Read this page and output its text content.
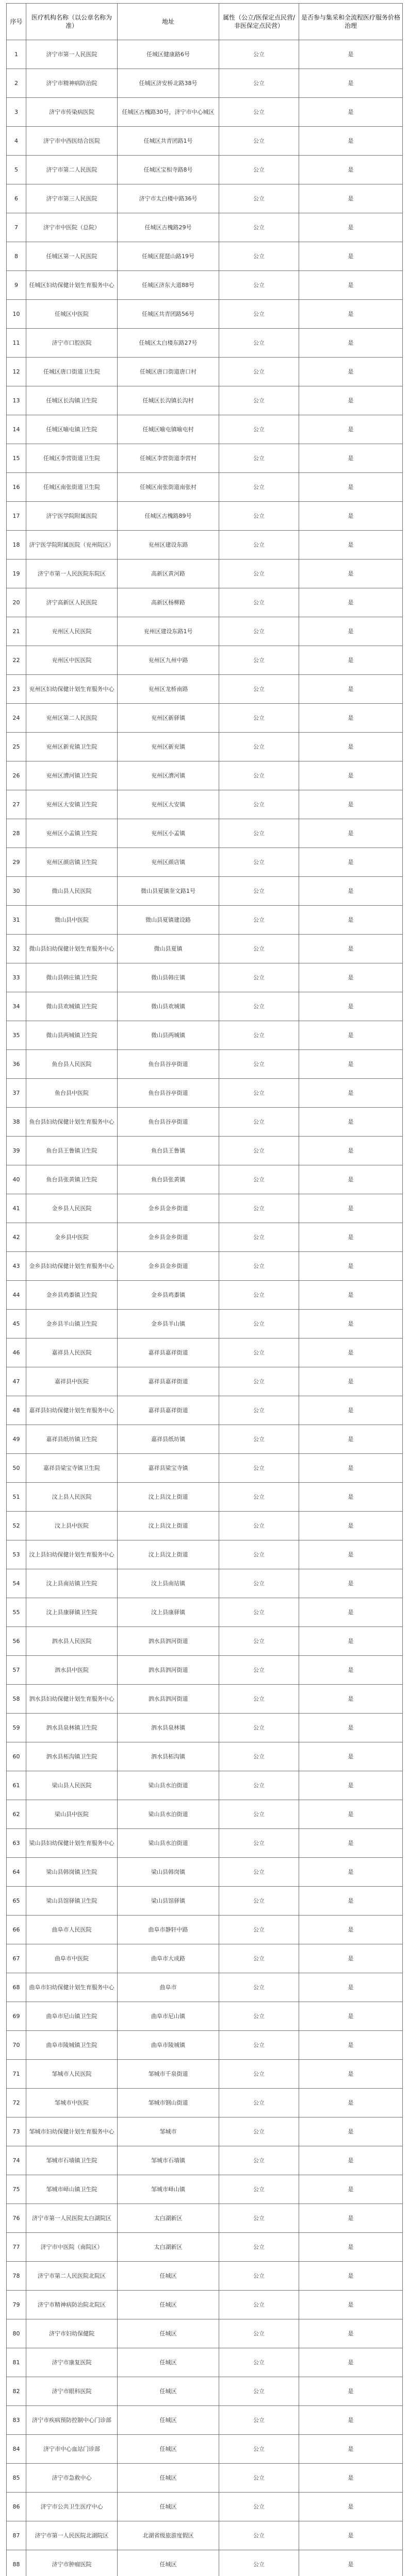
序号	医疗机构名称（以公章名称为准）	地址	属性（公立/医保定点民营/非医保定点民营）	是否参与集采和全流程医疗服务价格治理
1	济宁市第一人民医院	任城区健康路6号	公立	是
2	济宁市精神病防治院	任城区济安桥北路38号	公立	是
3	济宁市传染病医院	任城区古槐路30号，济宁市中心城区	公立	是
4	济宁市中西医结合医院	任城区共青团路1号	公立	是
5	济宁市第二人民医院	任城区宝相寺路8号	公立	是
6	济宁市第三人民医院	济宁市太白楼中路36号	公立	是
7	济宁市中医院（总院）	任城区古槐路29号	公立	是
8	任城区第一人民医院	任城区琵琶山路19号	公立	是
9	任城区妇幼保健计划生育服务中心	任城区济东大道88号	公立	是
10	任城区中医院	任城区共青团路56号	公立	是
11	济宁市口腔医院	任城区太白楼东路27号	公立	是
12	任城区唐口街道卫生院	任城区唐口街道唐口村	公立	是
13	任城区长沟镇卫生院	任城区长沟镇长沟村	公立	是
14	任城区喻屯镇卫生院	任城区喻屯镇喻屯村	公立	是
15	任城区李营街道卫生院	任城区李营街道李营村	公立	是
16	任城区南张街道卫生院	任城区南张街道南张村	公立	是
17	济宁医学院附属医院	任城区古槐路89号	公立	是
18	济宁医学院附属医院（兖州院区）	兖州区建设东路	公立	是
19	济宁市第一人民医院东院区	高新区黄河路	公立	是
20	济宁高新区人民医院	高新区杨柳路	公立	是
21	兖州区人民医院	兖州区建设东路1号	公立	是
22	兖州区中医医院	兖州区九州中路	公立	是
23	兖州区妇幼保健计划生育服务中心	兖州区龙桥南路	公立	是
24	兖州区第二人民医院	兖州区新驿镇	公立	是
25	兖州区新兖镇卫生院	兖州区新兖镇	公立	是
26	兖州区漕河镇卫生院	兖州区漕河镇	公立	是
27	兖州区大安镇卫生院	兖州区大安镇	公立	是
28	兖州区小孟镇卫生院	兖州区小孟镇	公立	是
29	兖州区颜店镇卫生院	兖州区颜店镇	公立	是
30	微山县人民医院	微山县夏镇奎文路1号	公立	是
31	微山县中医院	微山县夏镇建设路	公立	是
32	微山县妇幼保健计划生育服务中心	微山县夏镇	公立	是
33	微山县韩庄镇卫生院	微山县韩庄镇	公立	是
34	微山县欢城镇卫生院	微山县欢城镇	公立	是
35	微山县两城镇卫生院	微山县两城镇	公立	是
36	鱼台县人民医院	鱼台县谷亭街道	公立	是
37	鱼台县中医院	鱼台县谷亭街道	公立	是
38	鱼台县妇幼保健计划生育服务中心	鱼台县谷亭街道	公立	是
39	鱼台县王鲁镇卫生院	鱼台县王鲁镇	公立	是
40	鱼台县张黄镇卫生院	鱼台县张黄镇	公立	是
41	金乡县人民医院	金乡县金乡街道	公立	是
42	金乡县中医院	金乡县金乡街道	公立	是
43	金乡县妇幼保健计划生育服务中心	金乡县金乡街道	公立	是
44	金乡县鸡黍镇卫生院	金乡县鸡黍镇	公立	是
45	金乡县羊山镇卫生院	金乡县羊山镇	公立	是
46	嘉祥县人民医院	嘉祥县嘉祥街道	公立	是
47	嘉祥县中医院	嘉祥县嘉祥街道	公立	是
48	嘉祥县妇幼保健计划生育服务中心	嘉祥县嘉祥街道	公立	是
49	嘉祥县纸坊镇卫生院	嘉祥县纸坊镇	公立	是
50	嘉祥县梁宝寺镇卫生院	嘉祥县梁宝寺镇	公立	是
51	汶上县人民医院	汶上县汶上街道	公立	是
52	汶上县中医院	汶上县汶上街道	公立	是
53	汶上县妇幼保健计划生育服务中心	汶上县汶上街道	公立	是
54	汶上县南站镇卫生院	汶上县南站镇	公立	是
55	汶上县康驿镇卫生院	汶上县康驿镇	公立	是
56	泗水县人民医院	泗水县泗河街道	公立	是
57	泗水县中医院	泗水县泗河街道	公立	是
58	泗水县妇幼保健计划生育服务中心	泗水县泗河街道	公立	是
59	泗水县泉林镇卫生院	泗水县泉林镇	公立	是
60	泗水县柘沟镇卫生院	泗水县柘沟镇	公立	是
61	梁山县人民医院	梁山县水泊街道	公立	是
62	梁山县中医院	梁山县水泊街道	公立	是
63	梁山县妇幼保健计划生育服务中心	梁山县水泊街道	公立	是
64	梁山县韩岗镇卫生院	梁山县韩岗镇	公立	是
65	梁山县馆驿镇卫生院	梁山县馆驿镇	公立	是
66	曲阜市人民医院	曲阜市静轩中路	公立	是
67	曲阜市中医院	曲阜市大成路	公立	是
68	曲阜市妇幼保健计划生育服务中心	曲阜市	公立	是
69	曲阜市尼山镇卫生院	曲阜市尼山镇	公立	是
70	曲阜市陵城镇卫生院	曲阜市陵城镇	公立	是
71	邹城市人民医院	邹城市千泉街道	公立	是
72	邹城市中医院	邹城市钢山街道	公立	是
73	邹城市妇幼保健计划生育服务中心	邹城市	公立	是
74	邹城市石墙镇卫生院	邹城市石墙镇	公立	是
75	邹城市峄山镇卫生院	邹城市峄山镇	公立	是
76	济宁市第一人民医院太白湖院区	太白湖新区	公立	是
77	济宁市中医院（南院区）	太白湖新区	公立	是
78	济宁市第二人民医院北院区	任城区	公立	是
79	济宁市精神病防治院北院区	任城区	公立	是
80	济宁市妇幼保健院	任城区	公立	是
81	济宁市康复医院	任城区	公立	是
82	济宁市眼科医院	任城区	公立	是
83	济宁市疾病预防控制中心门诊部	任城区	公立	是
84	济宁市中心血站门诊部	任城区	公立	是
85	济宁市急救中心	任城区	公立	是
86	济宁市公共卫生医疗中心	任城区	公立	是
87	济宁市第一人民医院北湖院区	北湖省级旅游度假区	公立	是
88	济宁市肿瘤医院	任城区	公立	是
